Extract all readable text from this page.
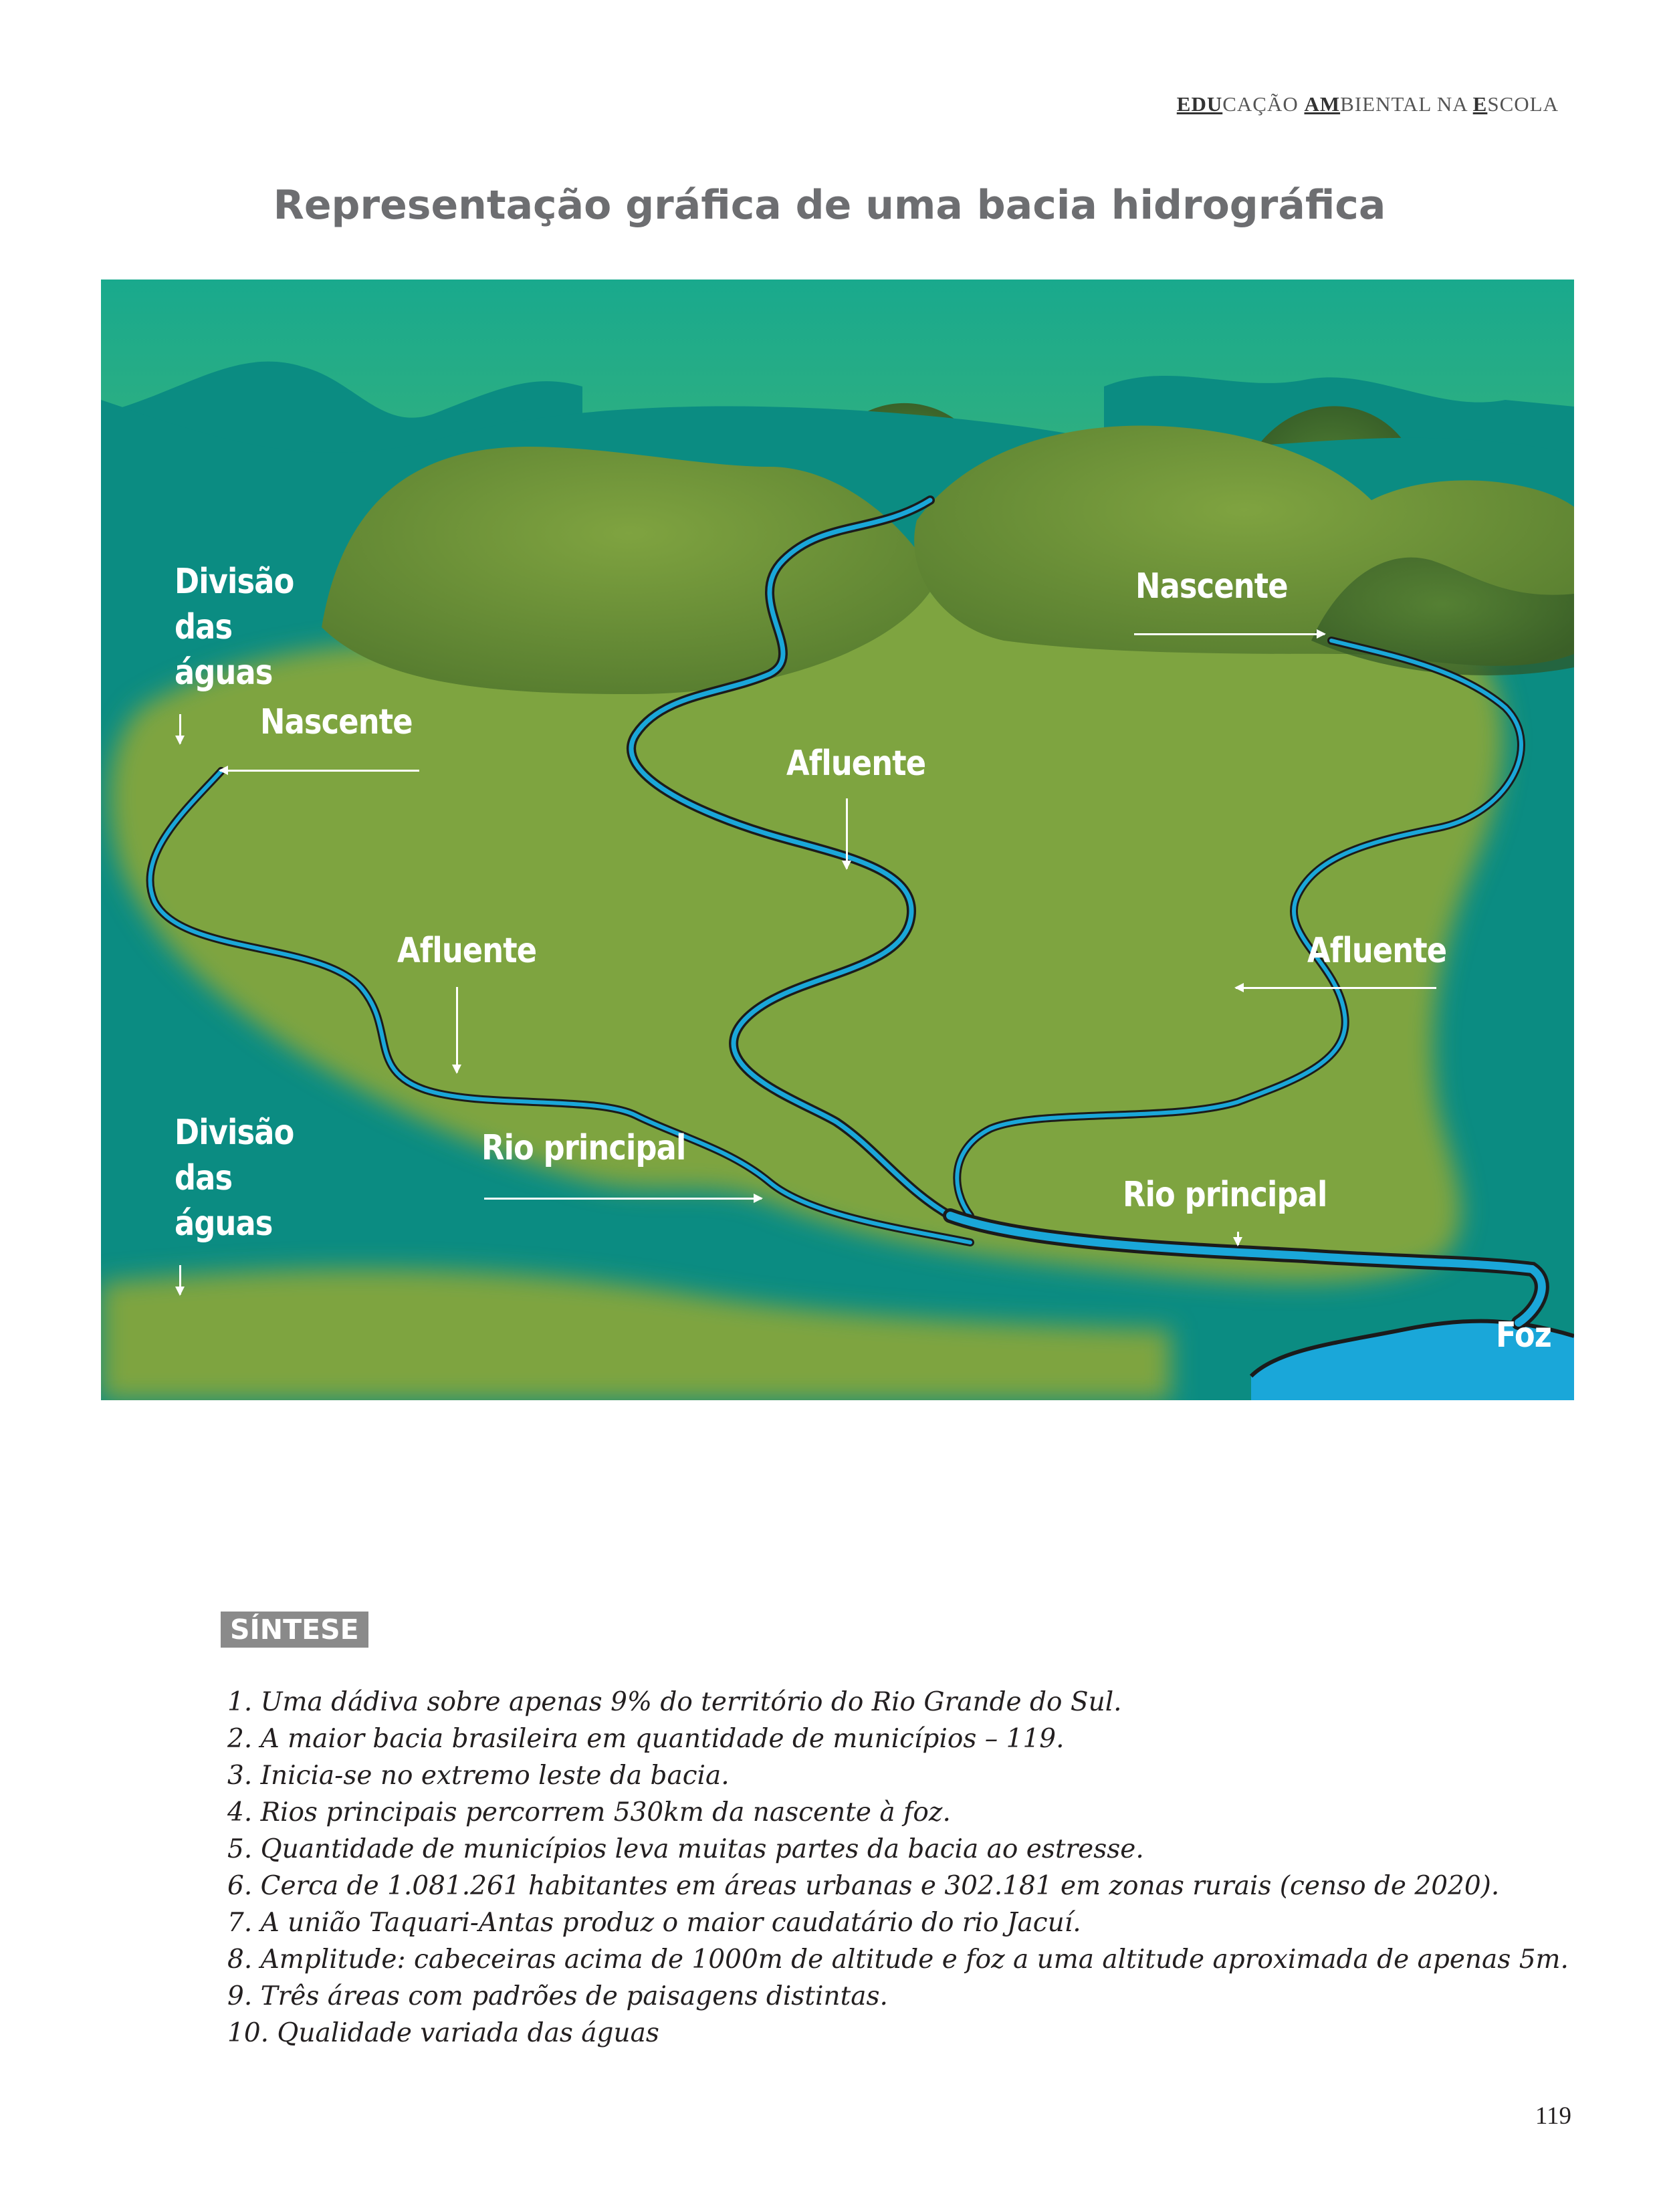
EDUCAÇÃO AMBIENTAL NA ESCOLA
Representação gráfica de uma bacia hidrográfica
Divisão
das
águas
Nascente
Nascente
Afluente
Afluente	Afluente
Divisão
das
águas
Rio principal
Rio principal
Foz
SÍNTESE
1. Uma dádiva sobre apenas 9% do território do Rio Grande do Sul.
2. A maior bacia brasileira em quantidade de municípios – 119.
3. Inicia-se no extremo leste da bacia.
4. Rios principais percorrem 530km da nascente à foz.
5. Quantidade de municípios leva muitas partes da bacia ao estresse.
6. Cerca de 1.081.261 habitantes em áreas urbanas e 302.181 em zonas rurais (censo de 2020).
7. A união Taquari-Antas produz o maior caudatário do rio Jacuí.
8. Amplitude: cabeceiras acima de 1000m de altitude e foz a uma altitude aproximada de apenas 5m.
9. Três áreas com padrões de paisagens distintas.
10. Qualidade variada das águas
119
